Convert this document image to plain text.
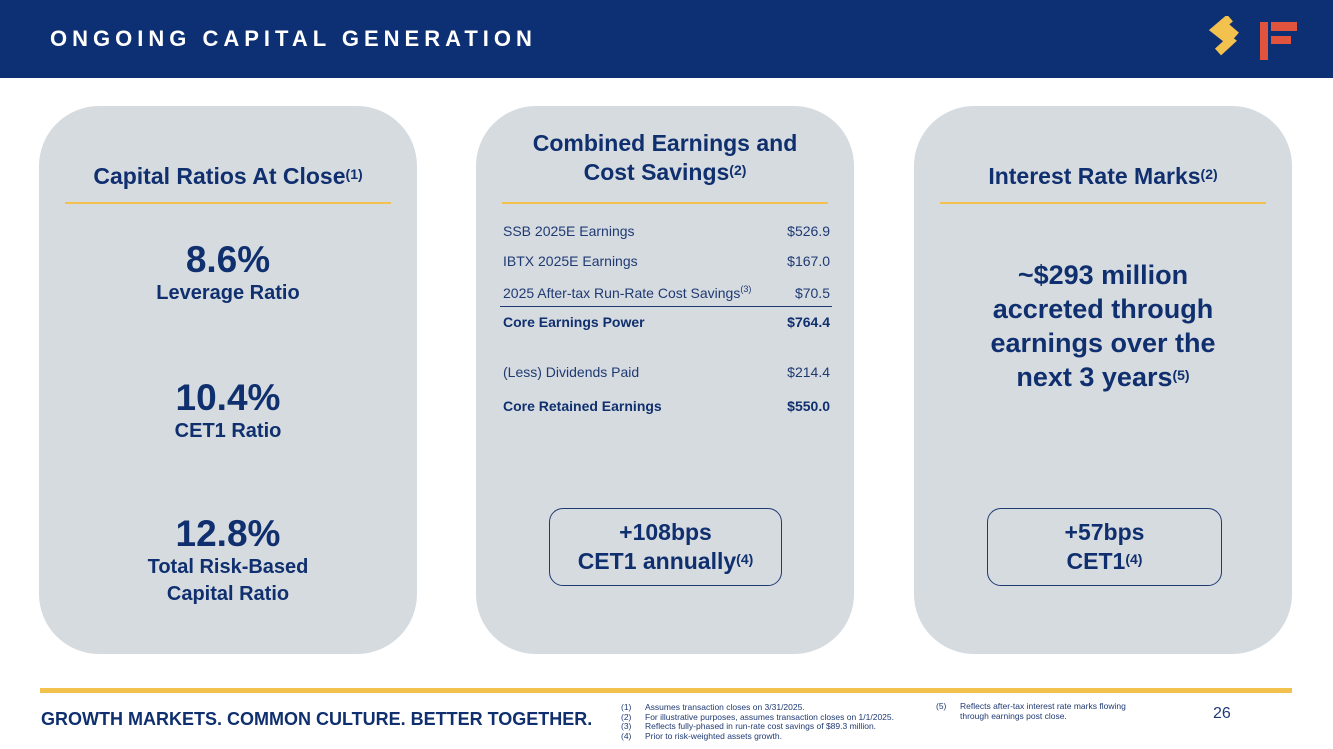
ONGOING CAPITAL GENERATION
Capital Ratios At Close$^{(1)}$
8.6%
Leverage Ratio
10.4%
CET1 Ratio
12.8%
Total Risk-Based
Capital Ratio
Combined Earnings and
Cost Savings$^{(2)}$
SSB 2025E Earnings	$526.9
IBTX 2025E Earnings	$167.0
2025 After-tax Run-Rate Cost Savings$^{(3)}$	$70.5
Core Earnings Power	$764.4
(Less) Dividends Paid	$214.4
Core Retained Earnings	$550.0
+108bps
CET1 annually$^{(4)}$
Interest Rate Marks$^{(2)}$
~$293 million
accreted through
earnings over the
next 3 years$^{(5)}$
+57bps
CET1$^{(4)}$
GROWTH MARKETS. COMMON CULTURE. BETTER TOGETHER.
(1) Assumes transaction closes on 3/31/2025.
(2) For illustrative purposes, assumes transaction closes on 1/1/2025.
(3) Reflects fully-phased in run-rate cost savings of $89.3 million.
(4) Prior to risk-weighted assets growth.
(5) Reflects after-tax interest rate marks flowing
through earnings post close.	26
